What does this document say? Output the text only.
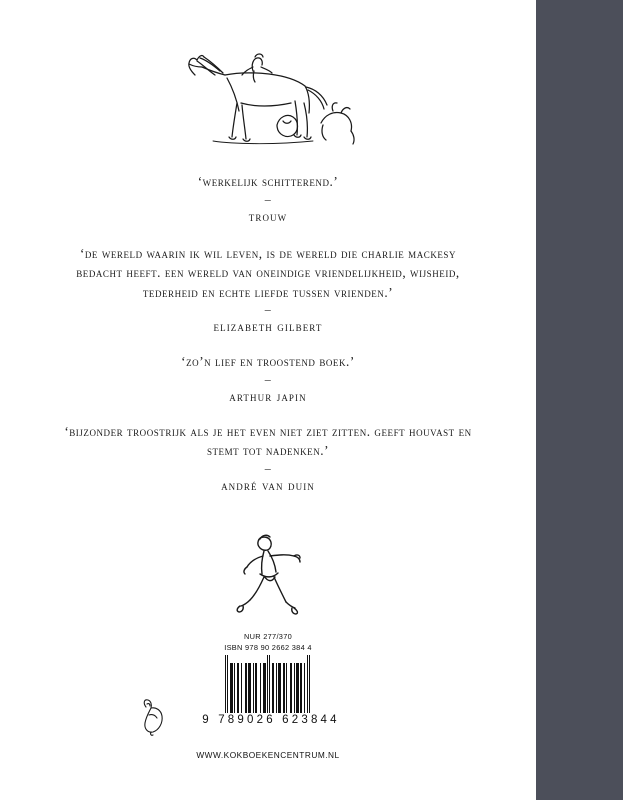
‘werkelijk schitterend.’
–
trouw
‘de wereld waarin ik wil leven, is de wereld die charlie mackesy bedacht heeft. een wereld van oneindige vriendelijkheid, wijsheid, tederheid en echte liefde tussen vrienden.’
–
elizabeth gilbert
‘zo’n lief en troostend boek.’
–
arthur japin
‘bijzonder troostrijk als je het even niet ziet zitten. geeft houvast en stemt tot nadenken.’
–
andré van duin
NUR 277/370
ISBN 978 90 2662 384 4
9 789026 623844
WWW.KOKBOEKENCENTRUM.NL
